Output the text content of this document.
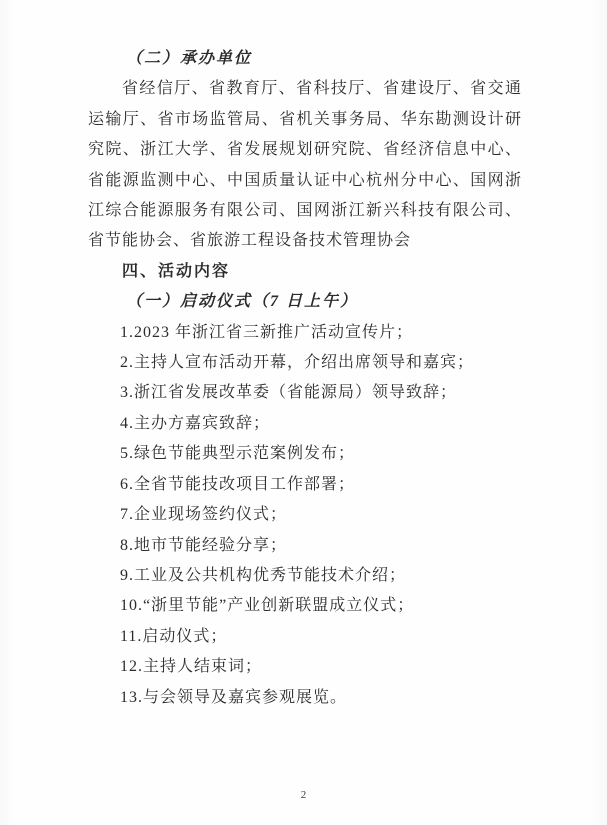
（二）承办单位

省经信厅、省教育厅、省科技厅、省建设厅、省交通运输厅、省市场监管局、省机关事务局、华东勘测设计研究院、浙江大学、省发展规划研究院、省经济信息中心、省能源监测中心、中国质量认证中心杭州分中心、国网浙江综合能源服务有限公司、国网浙江新兴科技有限公司、省节能协会、省旅游工程设备技术管理协会

四、活动内容
（一）启动仪式（7 日上午）
1.2023 年浙江省三新推广活动宣传片；
2.主持人宣布活动开幕，介绍出席领导和嘉宾；
3.浙江省发展改革委（省能源局）领导致辞；
4.主办方嘉宾致辞；
5.绿色节能典型示范案例发布；
6.全省节能技改项目工作部署；
7.企业现场签约仪式；
8.地市节能经验分享；
9.工业及公共机构优秀节能技术介绍；
10.“浙里节能”产业创新联盟成立仪式；
11.启动仪式；
12.主持人结束词；
13.与会领导及嘉宾参观展览。
2
